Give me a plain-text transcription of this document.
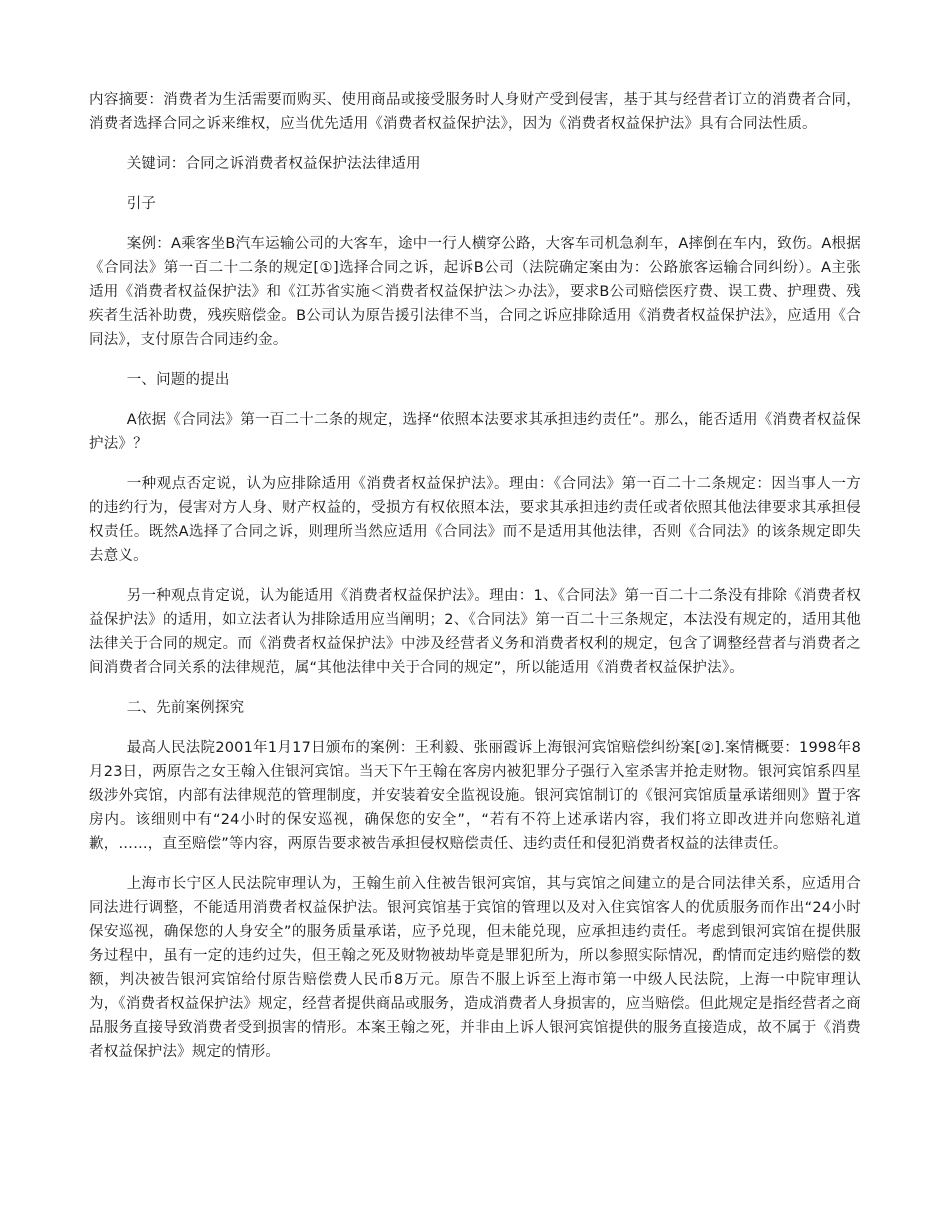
内容摘要：消费者为生活需要而购买、使用商品或接受服务时人身财产受到侵害，基于其与经营者订立的消费者合同，消费者选择合同之诉来维权，应当优先适用《消费者权益保护法》，因为《消费者权益保护法》具有合同法性质。

关键词：合同之诉消费者权益保护法法律适用

引子

案例：A乘客坐B汽车运输公司的大客车，途中一行人横穿公路，大客车司机急刹车，A摔倒在车内，致伤。A根据《合同法》第一百二十二条的规定[①]选择合同之诉，起诉B公司（法院确定案由为：公路旅客运输合同纠纷）。A主张适用《消费者权益保护法》和《江苏省实施＜消费者权益保护法＞办法》，要求B公司赔偿医疗费、误工费、护理费、残疾者生活补助费，残疾赔偿金。B公司认为原告援引法律不当，合同之诉应排除适用《消费者权益保护法》，应适用《合同法》，支付原告合同违约金。

一、问题的提出

A依据《合同法》第一百二十二条的规定，选择“依照本法要求其承担违约责任”。那么，能否适用《消费者权益保护法》？

一种观点否定说，认为应排除适用《消费者权益保护法》。理由：《合同法》第一百二十二条规定：因当事人一方的违约行为，侵害对方人身、财产权益的，受损方有权依照本法，要求其承担违约责任或者依照其他法律要求其承担侵权责任。既然A选择了合同之诉，则理所当然应适用《合同法》而不是适用其他法律，否则《合同法》的该条规定即失去意义。

另一种观点肯定说，认为能适用《消费者权益保护法》。理由：1、《合同法》第一百二十二条没有排除《消费者权益保护法》的适用，如立法者认为排除适用应当阐明；2、《合同法》第一百二十三条规定，本法没有规定的，适用其他法律关于合同的规定。而《消费者权益保护法》中涉及经营者义务和消费者权利的规定，包含了调整经营者与消费者之间消费者合同关系的法律规范，属“其他法律中关于合同的规定”，所以能适用《消费者权益保护法》。

二、先前案例探究

最高人民法院2001年1月17日颁布的案例：王利毅、张丽霞诉上海银河宾馆赔偿纠纷案[②].案情概要：1998年8月23日，两原告之女王翰入住银河宾馆。当天下午王翰在客房内被犯罪分子强行入室杀害并抢走财物。银河宾馆系四星级涉外宾馆，内部有法律规范的管理制度，并安装着安全监视设施。银河宾馆制订的《银河宾馆质量承诺细则》置于客房内。该细则中有“24小时的保安巡视，确保您的安全”，“若有不符上述承诺内容，我们将立即改进并向您赔礼道歉，……，直至赔偿”等内容，两原告要求被告承担侵权赔偿责任、违约责任和侵犯消费者权益的法律责任。

上海市长宁区人民法院审理认为，王翰生前入住被告银河宾馆，其与宾馆之间建立的是合同法律关系，应适用合同法进行调整，不能适用消费者权益保护法。银河宾馆基于宾馆的管理以及对入住宾馆客人的优质服务而作出“24小时保安巡视，确保您的人身安全”的服务质量承诺，应予兑现，但未能兑现，应承担违约责任。考虑到银河宾馆在提供服务过程中，虽有一定的违约过失，但王翰之死及财物被劫毕竟是罪犯所为，所以参照实际情况，酌情而定违约赔偿的数额，判决被告银河宾馆给付原告赔偿费人民币8万元。原告不服上诉至上海市第一中级人民法院，上海一中院审理认为，《消费者权益保护法》规定，经营者提供商品或服务，造成消费者人身损害的，应当赔偿。但此规定是指经营者之商品服务直接导致消费者受到损害的情形。本案王翰之死，并非由上诉人银河宾馆提供的服务直接造成，故不属于《消费者权益保护法》规定的情形。
